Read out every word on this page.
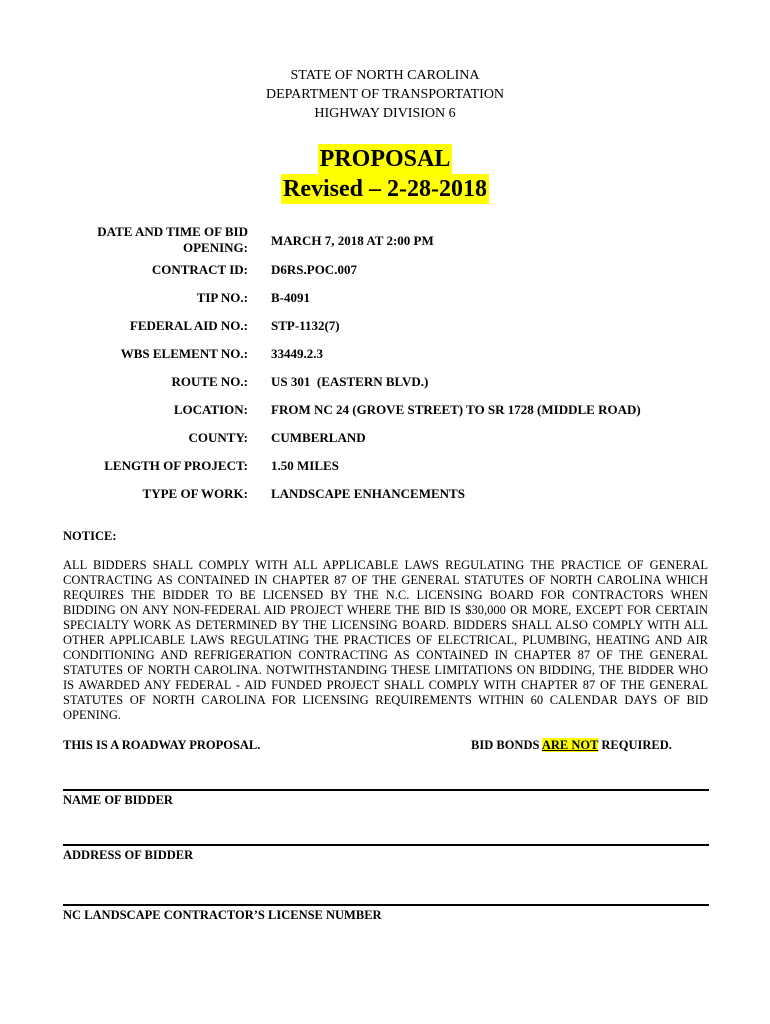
STATE OF NORTH CAROLINA
DEPARTMENT OF TRANSPORTATION
HIGHWAY DIVISION 6
PROPOSAL
Revised – 2-28-2018
DATE AND TIME OF BID
OPENING: MARCH 7, 2018 AT 2:00 PM
CONTRACT ID: D6RS.POC.007
TIP NO.: B-4091
FEDERAL AID NO.: STP-1132(7)
WBS ELEMENT NO.: 33449.2.3
ROUTE NO.: US 301  (EASTERN BLVD.)
LOCATION: FROM NC 24 (GROVE STREET) TO SR 1728 (MIDDLE ROAD)
COUNTY: CUMBERLAND
LENGTH OF PROJECT: 1.50 MILES
TYPE OF WORK: LANDSCAPE ENHANCEMENTS
NOTICE:
ALL BIDDERS SHALL COMPLY WITH ALL APPLICABLE LAWS REGULATING THE PRACTICE OF GENERAL CONTRACTING AS CONTAINED IN CHAPTER 87 OF THE GENERAL STATUTES OF NORTH CAROLINA WHICH REQUIRES THE BIDDER TO BE LICENSED BY THE N.C. LICENSING BOARD FOR CONTRACTORS WHEN BIDDING ON ANY NON-FEDERAL AID PROJECT WHERE THE BID IS $30,000 OR MORE, EXCEPT FOR CERTAIN SPECIALTY WORK AS DETERMINED BY THE LICENSING BOARD. BIDDERS SHALL ALSO COMPLY WITH ALL OTHER APPLICABLE LAWS REGULATING THE PRACTICES OF ELECTRICAL, PLUMBING, HEATING AND AIR CONDITIONING AND REFRIGERATION CONTRACTING AS CONTAINED IN CHAPTER 87 OF THE GENERAL STATUTES OF NORTH CAROLINA. NOTWITHSTANDING THESE LIMITATIONS ON BIDDING, THE BIDDER WHO IS AWARDED ANY FEDERAL - AID FUNDED PROJECT SHALL COMPLY WITH CHAPTER 87 OF THE GENERAL STATUTES OF NORTH CAROLINA FOR LICENSING REQUIREMENTS WITHIN 60 CALENDAR DAYS OF BID OPENING.
THIS IS A ROADWAY PROPOSAL.	BID BONDS ARE NOT REQUIRED.
NAME OF BIDDER
ADDRESS OF BIDDER
NC LANDSCAPE CONTRACTOR’S LICENSE NUMBER
